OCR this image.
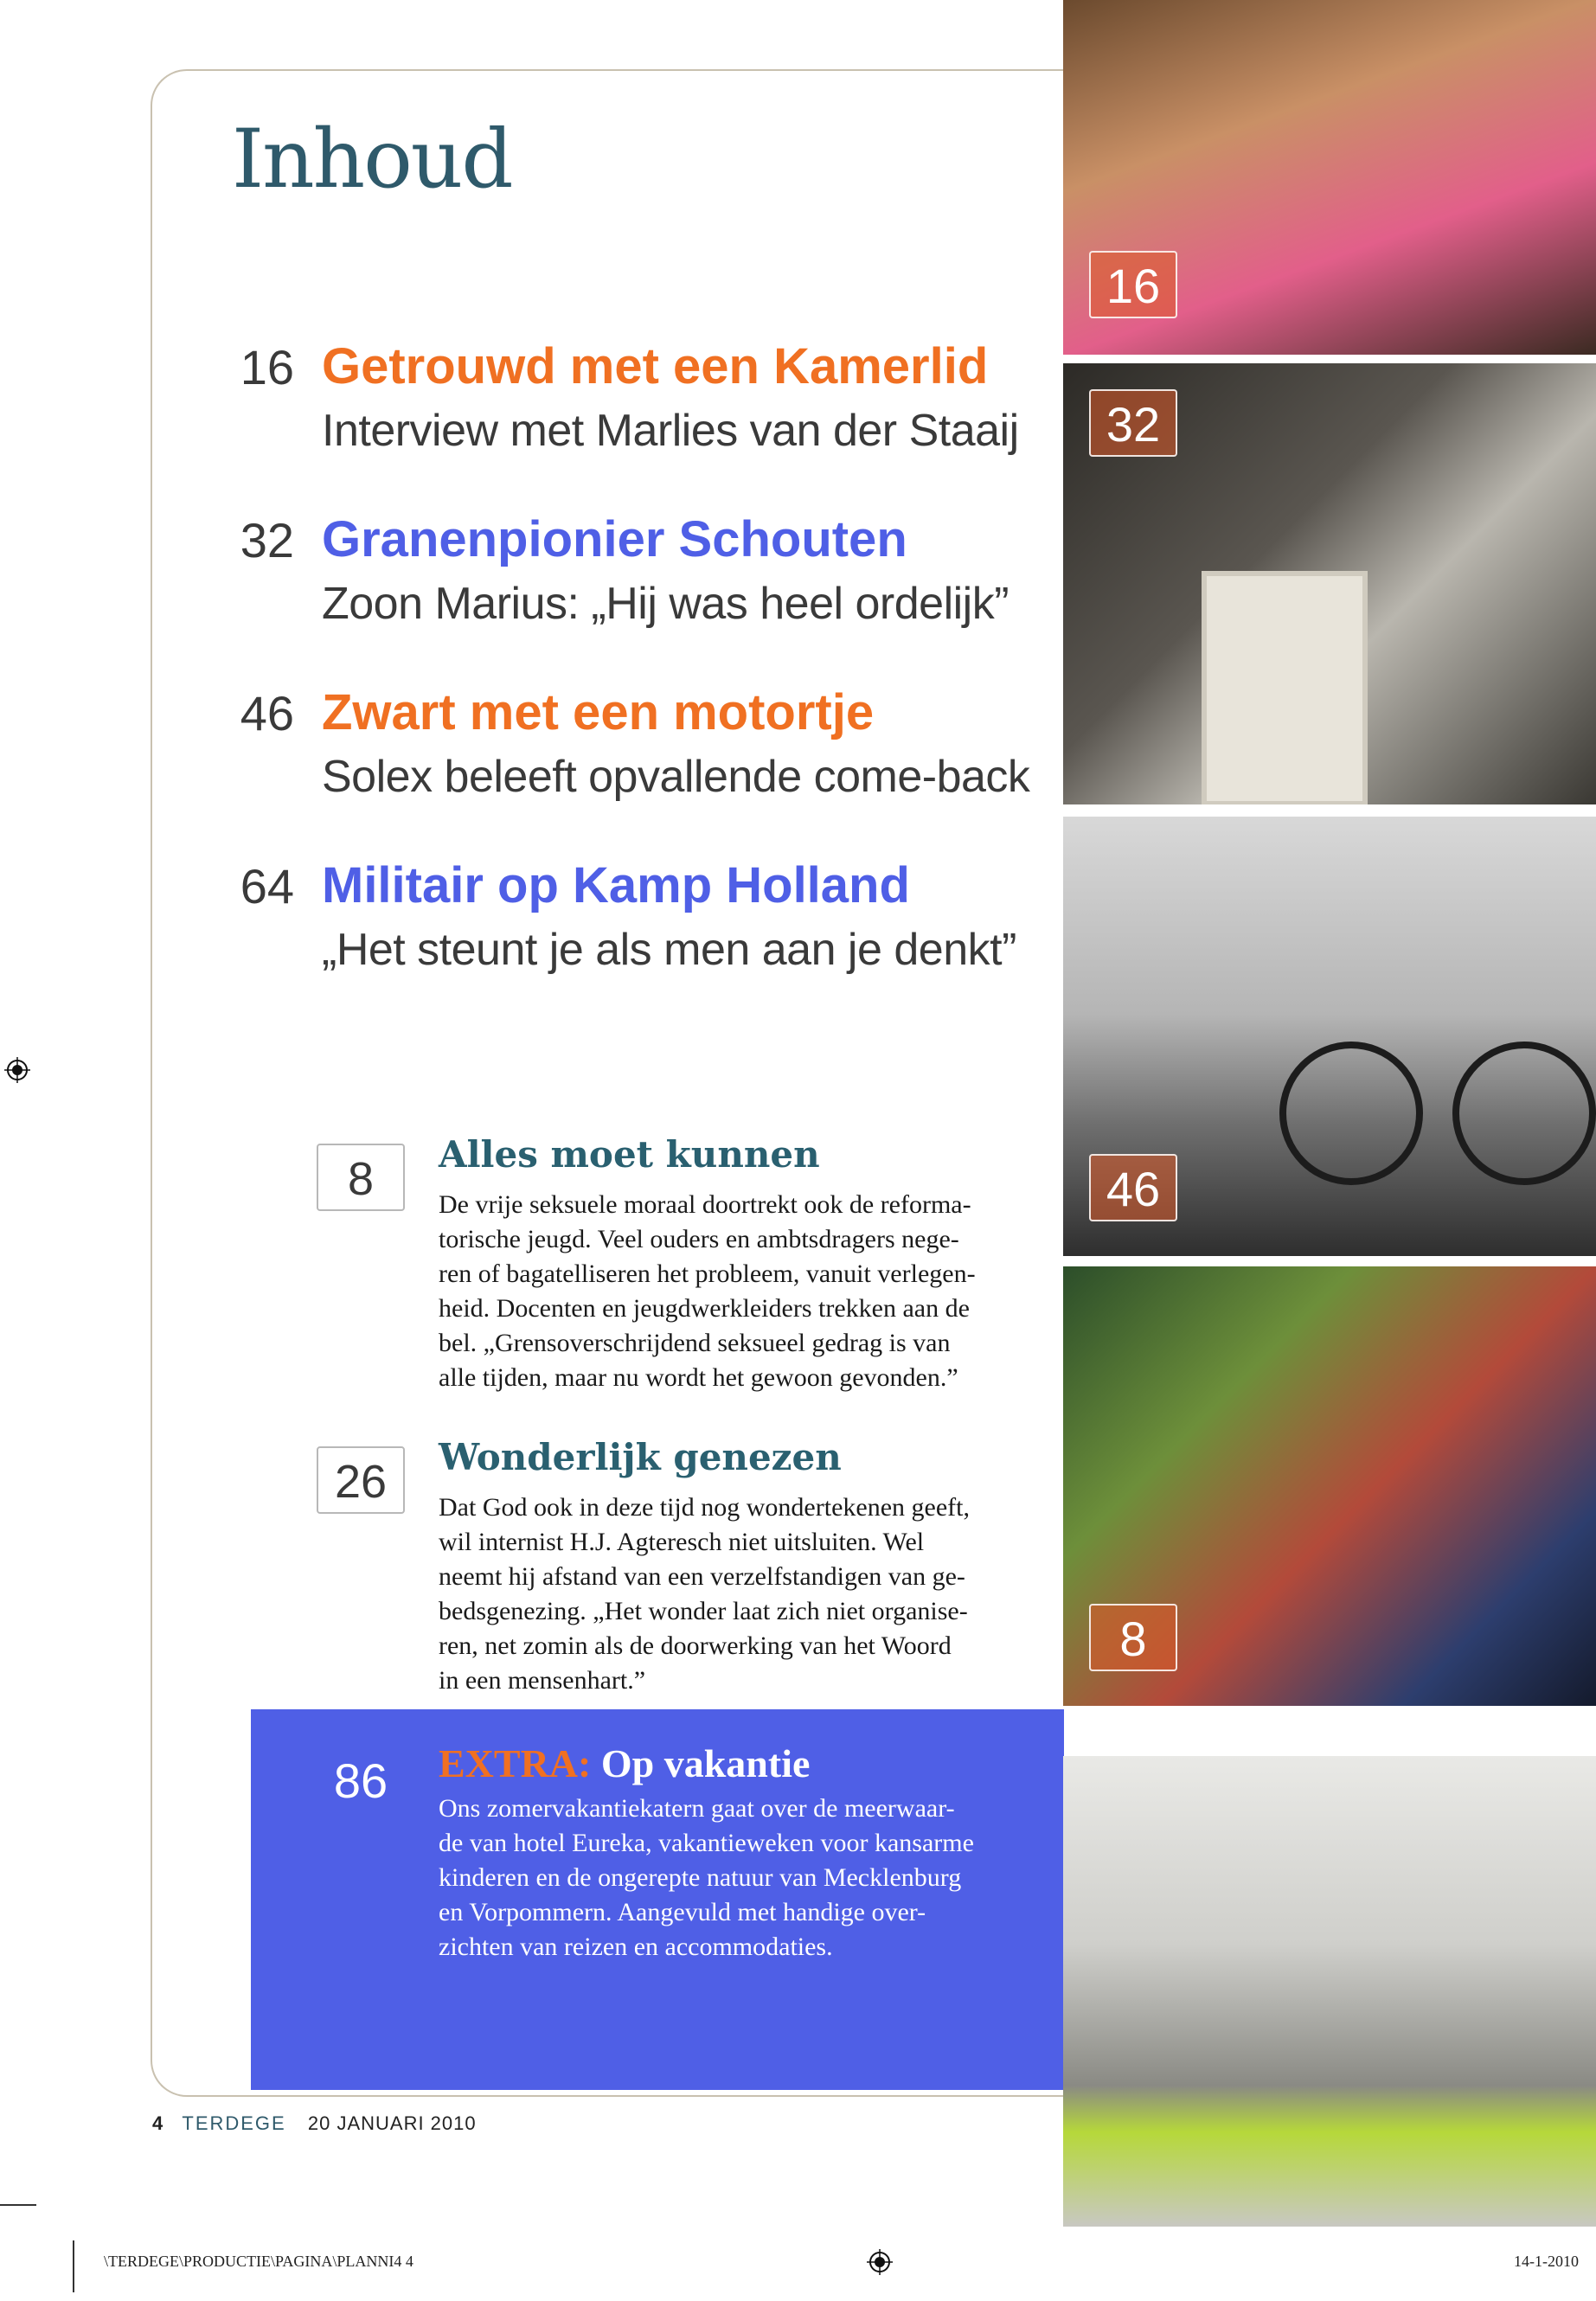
Inhoud
16 Getrouwd met een Kamerlid
Interview met Marlies van der Staaij
32 Granenpionier Schouten
Zoon Marius: „Hij was heel ordelijk”
46 Zwart met een motortje
Solex beleeft opvallende come-back
64 Militair op Kamp Holland
„Het steunt je als men aan je denkt”
8	Alles moet kunnen
De vrije seksuele moraal doortrekt ook de reforma-
torische jeugd. Veel ouders en ambtsdragers nege-
ren of bagatelliseren het probleem, vanuit verlegen-
heid. Docenten en jeugdwerkleiders trekken aan de
bel. „Grensoverschrijdend seksueel gedrag is van
alle tijden, maar nu wordt het gewoon gevonden.”
26	Wonderlijk genezen
Dat God ook in deze tijd nog wondertekenen geeft,
wil internist H.J. Agteresch niet uitsluiten. Wel
neemt hij afstand van een verzelfstandigen van ge-
bedsgenezing. „Het wonder laat zich niet organise-
ren, net zomin als de doorwerking van het Woord
in een mensenhart.”
86	EXTRA: Op vakantie
Ons zomervakantiekatern gaat over de meerwaar-
de van hotel Eureka, vakantieweken voor kansarme
kinderen en de ongerepte natuur van Mecklenburg
en Vorpommern. Aangevuld met handige over-
zichten van reizen en accommodaties.
16
32
46
8
4 TERDEGE 20 JANUARI 2010
\TERDEGE\PRODUCTIE\PAGINA\PLANNI4 4	14-1-2010
